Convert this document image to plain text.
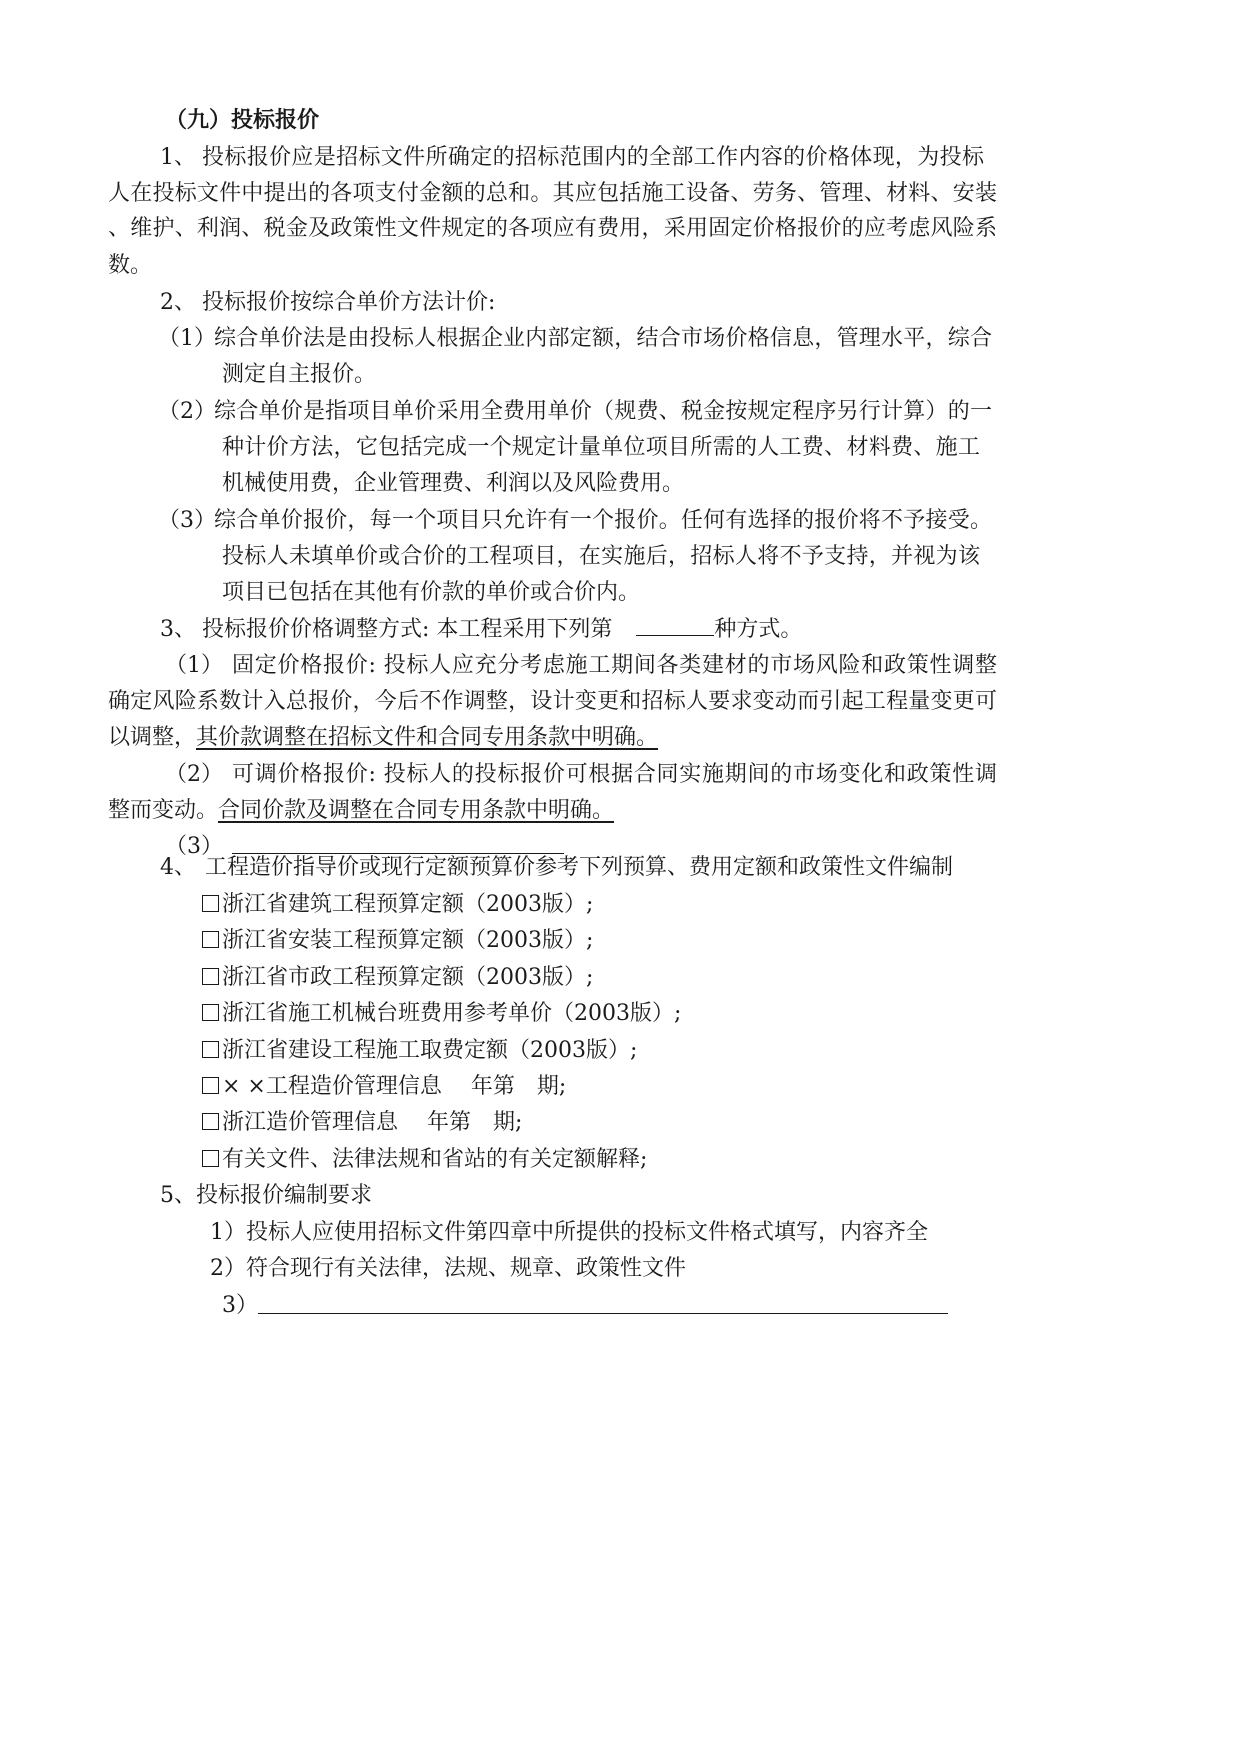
（九）投标报价
1、 投标报价应是招标文件所确定的招标范围内的全部工作内容的价格体现，为投标
人在投标文件中提出的各项支付金额的总和。其应包括施工设备、劳务、管理、材料、安装
、维护、利润、税金及政策性文件规定的各项应有费用，采用固定价格报价的应考虑风险系
数。
2、 投标报价按综合单价方法计价:
（1）
综合单价法是由投标人根据企业内部定额，结合市场价格信息，管理水平，综合
测定自主报价。
（2）
综合单价是指项目单价采用全费用单价（规费、税金按规定程序另行计算）的一
种计价方法，它包括完成一个规定计量单位项目所需的人工费、材料费、施工
机械使用费，企业管理费、利润以及风险费用。
（3）
综合单价报价，每一个项目只允许有一个报价。任何有选择的报价将不予接受。
投标人未填单价或合价的工程项目，在实施后，招标人将不予支持，并视为该
项目已包括在其他有价款的单价或合价内。
3、 投标报价价格调整方式: 本工程采用下列第	种方式。
（1） 固定价格报价: 投标人应充分考虑施工期间各类建材的市场风险和政策性调整
确定风险系数计入总报价，今后不作调整，设计变更和招标人要求变动而引起工程量变更可
以调整，其价款调整在招标文件和合同专用条款中明确。
（2） 可调价格报价: 投标人的投标报价可根据合同实施期间的市场变化和政策性调
整而变动。合同价款及调整在合同专用条款中明确。
（3）
4、 工程造价指导价或现行定额预算价参考下列预算、费用定额和政策性文件编制
浙江省建筑工程预算定额（2003版）;
浙江省安装工程预算定额（2003版）;
浙江省市政工程预算定额（2003版）;
浙江省施工机械台班费用参考单价（2003版）;
浙江省建设工程施工取费定额（2003版）;
× ×工程造价管理信息　 年第　期;
浙江造价管理信息　 年第　期;
有关文件、法律法规和省站的有关定额解释;
5、投标报价编制要求
1）投标人应使用招标文件第四章中所提供的投标文件格式填写，内容齐全
2）符合现行有关法律，法规、规章、政策性文件
3）
